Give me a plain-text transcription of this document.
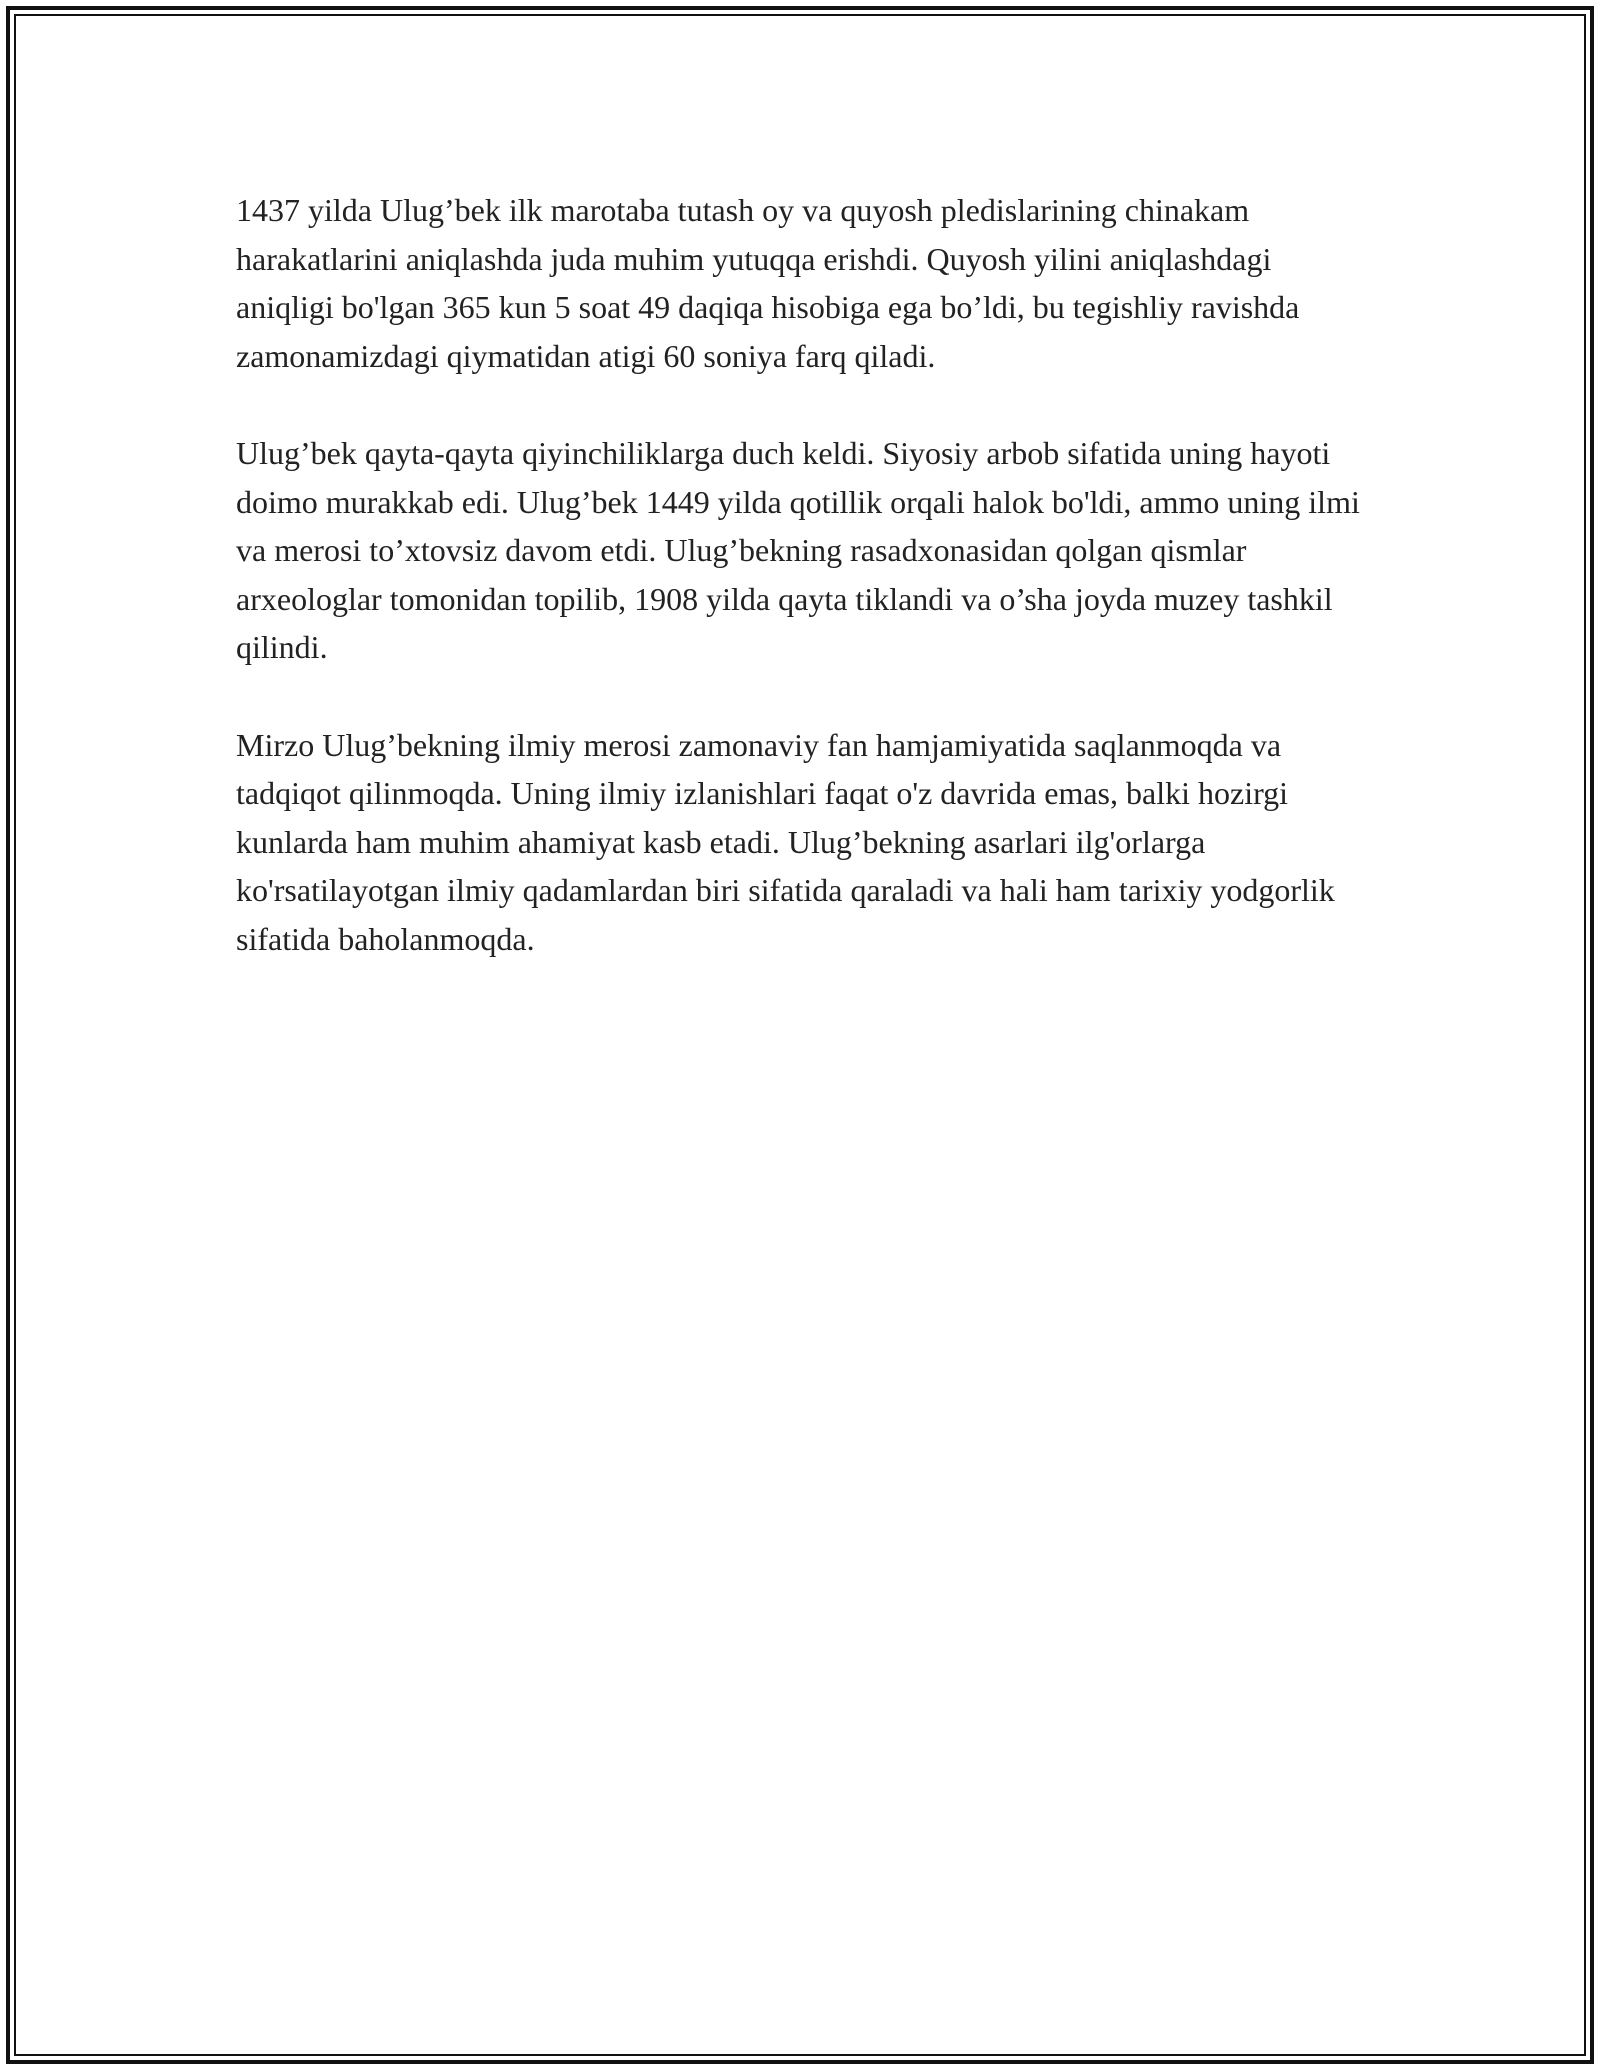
1437 yilda Ulug’bek ilk marotaba tutash oy va quyosh pledislarining chinakam harakatlarini aniqlashda juda muhim yutuqqa erishdi. Quyosh yilini aniqlashdagi aniqligi bo'lgan 365 kun 5 soat 49 daqiqa hisobiga ega bo’ldi, bu tegishliy ravishda zamonamizdagi qiymatidan atigi 60 soniya farq qiladi.

Ulug’bek qayta-qayta qiyinchiliklarga duch keldi. Siyosiy arbob sifatida uning hayoti doimo murakkab edi. Ulug’bek 1449 yilda qotillik orqali halok bo'ldi, ammo uning ilmi va merosi to’xtovsiz davom etdi. Ulug’bekning rasadxonasidan qolgan qismlar arxeologlar tomonidan topilib, 1908 yilda qayta tiklandi va o’sha joyda muzey tashkil qilindi.

Mirzo Ulug’bekning ilmiy merosi zamonaviy fan hamjamiyatida saqlanmoqda va tadqiqot qilinmoqda. Uning ilmiy izlanishlari faqat o'z davrida emas, balki hozirgi kunlarda ham muhim ahamiyat kasb etadi. Ulug’bekning asarlari ilg'orlarga ko'rsatilayotgan ilmiy qadamlardan biri sifatida qaraladi va hali ham tarixiy yodgorlik sifatida baholanmoqda.
